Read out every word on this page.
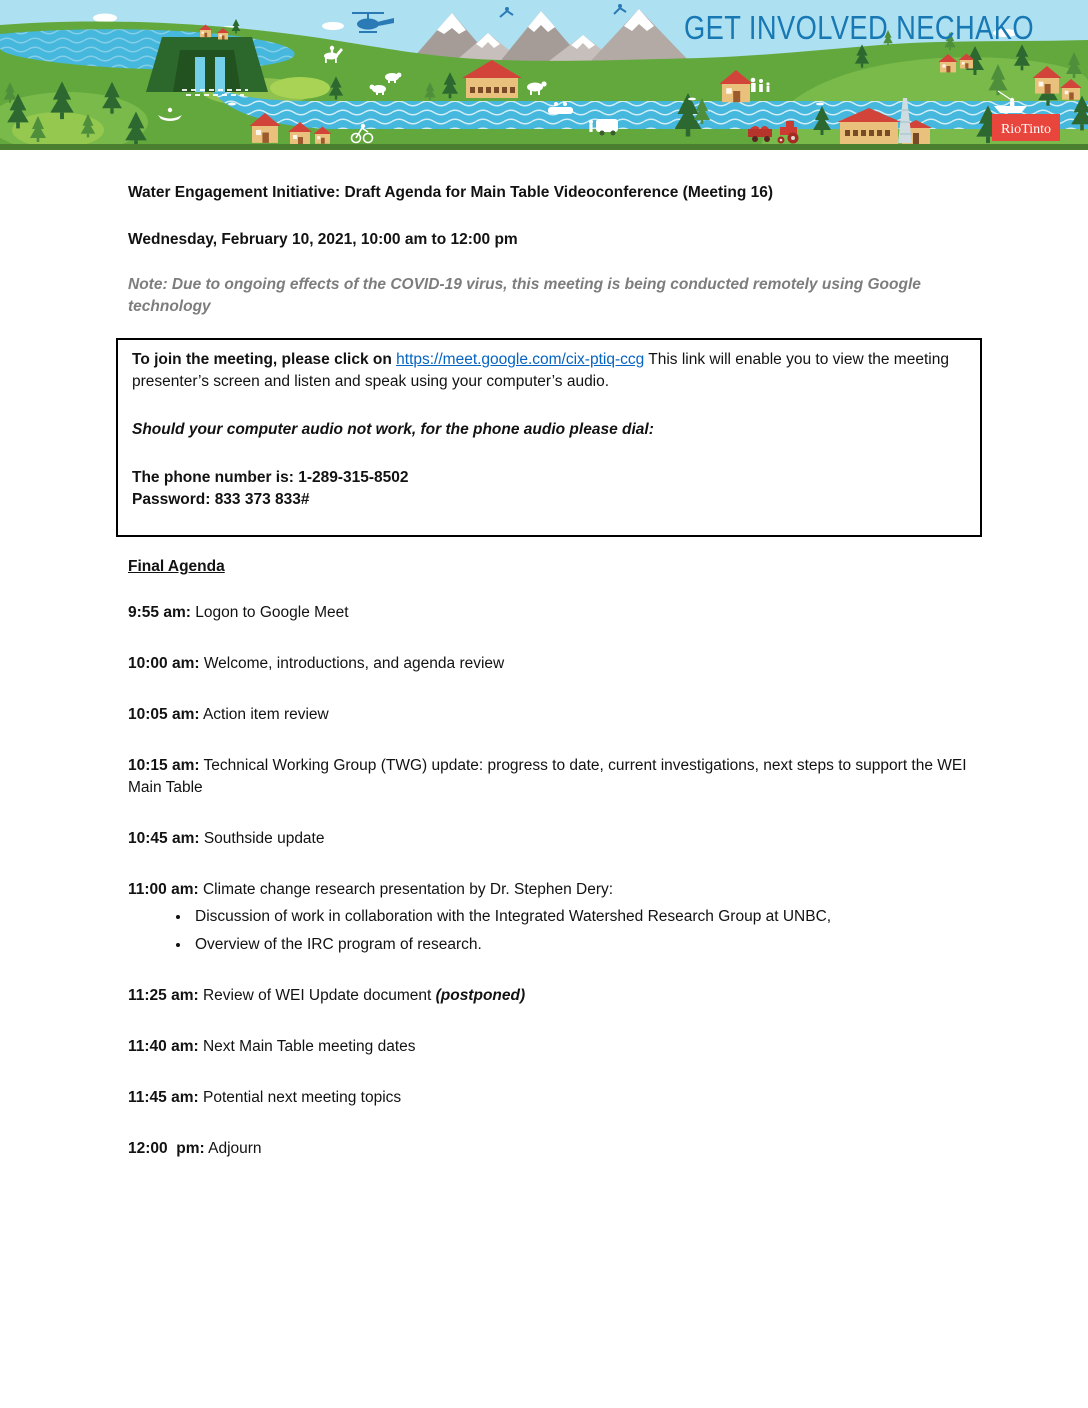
RioTinto
GET INVOLVED NECHAKO

Water Engagement Initiative: Draft Agenda for Main Table Videoconference (Meeting 16)

Wednesday, February 10, 2021, 10:00 am to 12:00 pm

Note: Due to ongoing effects of the COVID-19 virus, this meeting is being conducted remotely using Google technology

To join the meeting, please click on https://meet.google.com/cix-ptiq-ccg This link will enable you to view the meeting presenter’s screen and listen and speak using your computer’s audio.

Should your computer audio not work, for the phone audio please dial:

The phone number is: 1-289-315-8502
Password: 833 373 833#

Final Agenda
9:55 am: Logon to Google Meet
10:00 am: Welcome, introductions, and agenda review
10:05 am: Action item review
10:15 am: Technical Working Group (TWG) update: progress to date, current investigations, next steps to support the WEI Main Table
10:45 am: Southside update
11:00 am: Climate change research presentation by Dr. Stephen Dery:
• Discussion of work in collaboration with the Integrated Watershed Research Group at UNBC,
• Overview of the IRC program of research.
11:25 am: Review of WEI Update document (postponed)
11:40 am: Next Main Table meeting dates
11:45 am: Potential next meeting topics
12:00  pm: Adjourn
